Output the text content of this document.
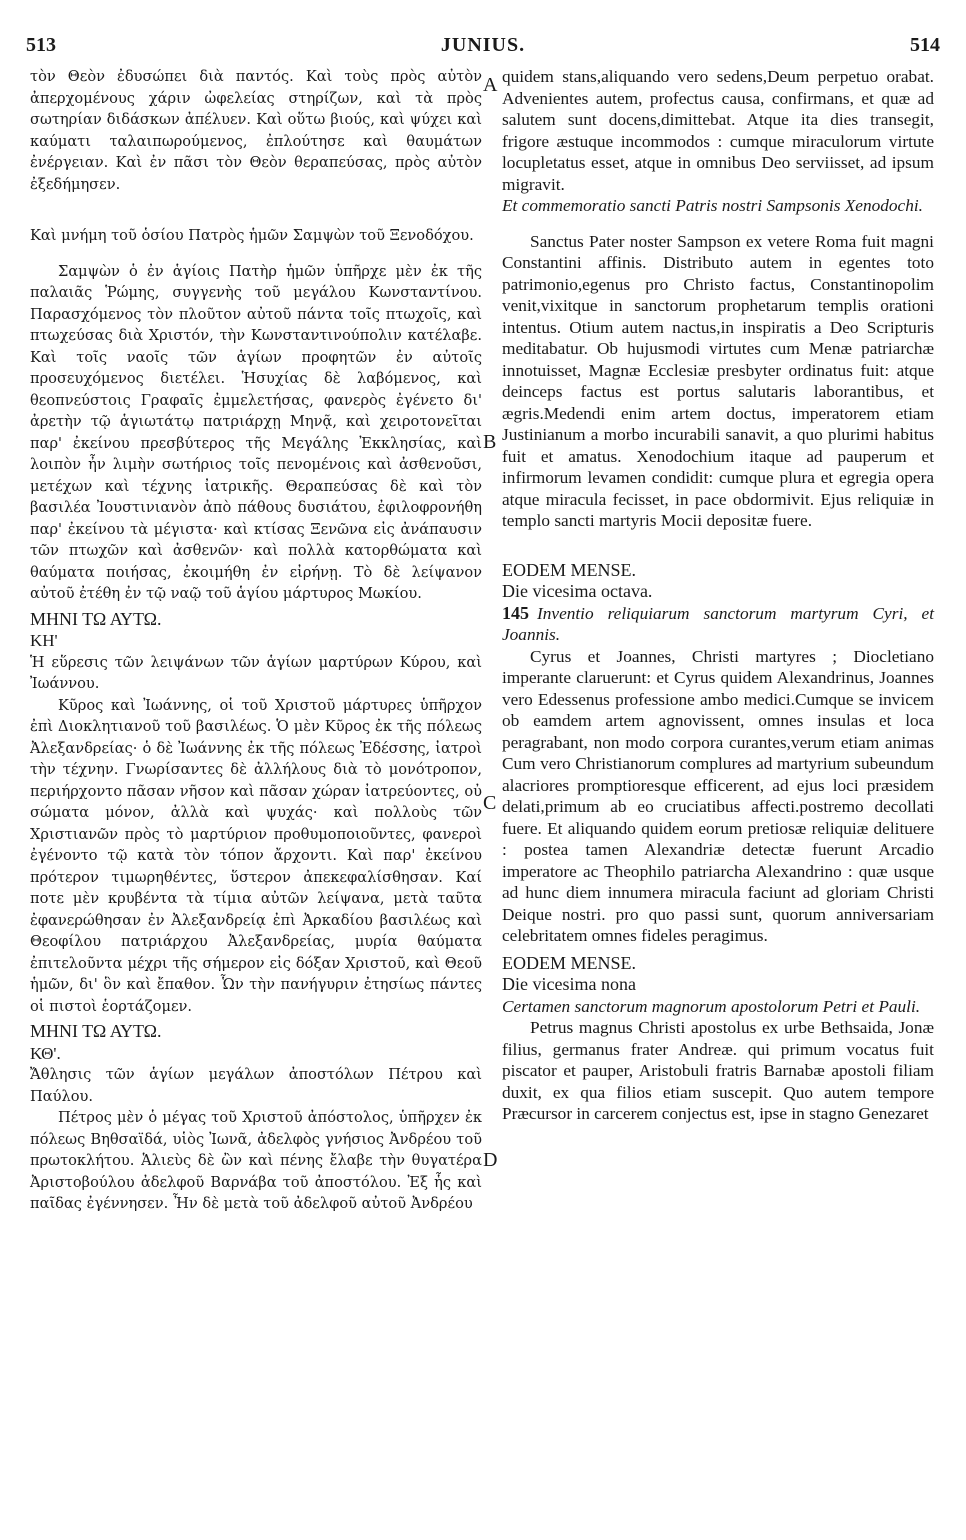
513	JUNIUS.	514
A
B
C
D

τὸν Θεὸν ἐδυσώπει διὰ παντός. Καὶ τοὺς πρὸς αὐτὸν ἀπερχομένους χάριν ὠφελείας στηρίζων, καὶ τὰ πρὸς σωτηρίαν διδάσκων ἀπέλυεν. Καὶ οὕτω βιούς, καὶ ψύχει καὶ καύματι ταλαιπωρούμενος, ἐπλούτησε καὶ θαυμάτων ἐνέργειαν. Καὶ ἐν πᾶσι τὸν Θεὸν θεραπεύσας, πρὸς αὐτὸν ἐξεδήμησεν.

Καὶ μνήμη τοῦ ὁσίου Πατρὸς ἡμῶν Σαμψὼν τοῦ Ξενοδόχου.

Σαμψὼν ὁ ἐν ἁγίοις Πατὴρ ἡμῶν ὑπῆρχε μὲν ἐκ τῆς παλαιᾶς Ῥώμης, συγγενὴς τοῦ μεγάλου Κωνσταντίνου. Παρασχόμενος τὸν πλοῦτον αὐτοῦ πάντα τοῖς πτωχοῖς, καὶ πτωχεύσας διὰ Χριστόν, τὴν Κωνσταντινούπολιν κατέλαβε. Καὶ τοῖς ναοῖς τῶν ἁγίων προφητῶν ἐν αὐτοῖς προσευχόμενος διετέλει. Ἡσυχίας δὲ λαβόμενος, καὶ θεοπνεύστοις Γραφαῖς ἐμμελετήσας, φανερὸς ἐγένετο δι' ἀρετὴν τῷ ἁγιωτάτῳ πατριάρχῃ Μηνᾷ, καὶ χειροτονεῖται παρ' ἐκείνου πρεσβύτερος τῆς Μεγάλης Ἐκκλησίας, καὶ λοιπὸν ἦν λιμὴν σωτήριος τοῖς πενομένοις καὶ ἀσθενοῦσι, μετέχων καὶ τέχνης ἰατρικῆς. Θεραπεύσας δὲ καὶ τὸν βασιλέα Ἰουστινιανὸν ἀπὸ πάθους δυσιάτου, ἐφιλοφρονήθη παρ' ἐκείνου τὰ μέγιστα· καὶ κτίσας Ξενῶνα εἰς ἀνάπαυσιν τῶν πτωχῶν καὶ ἀσθενῶν· καὶ πολλὰ κατορθώματα καὶ θαύματα ποιήσας, ἐκοιμήθη ἐν εἰρήνῃ. Τὸ δὲ λείψανον αὐτοῦ ἐτέθη ἐν τῷ ναῷ τοῦ ἁγίου μάρτυρος Μωκίου.

ΜΗΝΙ ΤΩ ΑΥΤΩ.

ΚΗ'

Ἡ εὕρεσις τῶν λειψάνων τῶν ἁγίων μαρτύρων Κύρου, καὶ Ἰωάννου.

Κῦρος καὶ Ἰωάννης, οἱ τοῦ Χριστοῦ μάρτυρες ὑπῆρχον ἐπὶ Διοκλητιανοῦ τοῦ βασιλέως. Ὁ μὲν Κῦρος ἐκ τῆς πόλεως Ἀλεξανδρείας· ὁ δὲ Ἰωάννης ἐκ τῆς πόλεως Ἐδέσσης, ἰατροὶ τὴν τέχνην. Γνωρίσαντες δὲ ἀλλήλους διὰ τὸ μονότροπον, περιήρχοντο πᾶσαν νῆσον καὶ πᾶσαν χώραν ἰατρεύοντες, οὐ σώματα μόνον, ἀλλὰ καὶ ψυχάς· καὶ πολλοὺς τῶν Χριστιανῶν πρὸς τὸ μαρτύριον προθυμοποιοῦντες, φανεροὶ ἐγένοντο τῷ κατὰ τὸν τόπον ἄρχοντι. Καὶ παρ' ἐκείνου πρότερον τιμωρηθέντες, ὕστερον ἀπεκεφαλίσθησαν. Καί ποτε μὲν κρυβέντα τὰ τίμια αὐτῶν λείψανα, μετὰ ταῦτα ἐφανερώθησαν ἐν Ἀλεξανδρείᾳ ἐπὶ Ἀρκαδίου βασιλέως καὶ Θεοφίλου πατριάρχου Ἀλεξανδρείας, μυρία θαύματα ἐπιτελοῦντα μέχρι τῆς σήμερον εἰς δόξαν Χριστοῦ, καὶ Θεοῦ ἡμῶν, δι' ὃν καὶ ἔπαθον. Ὧν τὴν πανήγυριν ἐτησίως πάντες οἱ πιστοὶ ἑορτάζομεν.

ΜΗΝΙ ΤΩ ΑΥΤΩ.

ΚΘ'.

Ἄθλησις τῶν ἁγίων μεγάλων ἀποστόλων Πέτρου καὶ Παύλου.

Πέτρος μὲν ὁ μέγας τοῦ Χριστοῦ ἀπόστολος, ὑπῆρχεν ἐκ πόλεως Βηθσαϊδά, υἱὸς Ἰωνᾶ, ἀδελφὸς γνήσιος Ἀνδρέου τοῦ πρωτοκλήτου. Ἁλιεὺς δὲ ὢν καὶ πένης ἔλαβε τὴν θυγατέρα Ἀριστοβούλου ἀδελφοῦ Βαρνάβα τοῦ ἀποστόλου. Ἐξ ἧς καὶ παῖδας ἐγέννησεν. Ἦν δὲ μετὰ τοῦ ἀδελφοῦ αὐτοῦ Ἀνδρέου

quidem stans,aliquando vero sedens,Deum perpetuo orabat. Advenientes autem, profectus causa, confirmans, et quæ ad salutem sunt docens,dimittebat. Atque ita dies transegit, frigore æstuque incommodos : cumque miraculorum virtute locupletatus esset, atque in omnibus Deo serviisset, ad ipsum migravit.

Et commemoratio sancti Patris nostri Sampsonis Xenodochi.

Sanctus Pater noster Sampson ex vetere Roma fuit magni Constantini affinis. Distributo autem in egentes toto patrimonio,egenus pro Christo factus, Constantinopolim venit,vixitque in sanctorum prophetarum templis orationi intentus. Otium autem nactus,in inspiratis a Deo Scripturis meditabatur. Ob hujusmodi virtutes cum Menæ patriarchæ innotuisset, Magnæ Ecclesiæ presbyter ordinatus fuit: atque deinceps factus est portus salutaris laborantibus, et ægris.Medendi enim artem doctus, imperatorem etiam Justinianum a morbo incurabili sanavit, a quo plurimi habitus fuit et amatus. Xenodochium itaque ad pauperum et infirmorum levamen condidit: cumque plura et egregia opera atque miracula fecisset, in pace obdormivit. Ejus reliquiæ in templo sancti martyris Mocii depositæ fuere.

EODEM MENSE.

Die vicesima octava.

145 Inventio reliquiarum sanctorum martyrum Cyri, et Joannis.

Cyrus et Joannes, Christi martyres ; Diocletiano imperante claruerunt: et Cyrus quidem Alexandrinus, Joannes vero Edessenus professione ambo medici.Cumque se invicem ob eamdem artem agnovissent, omnes insulas et loca peragrabant, non modo corpora curantes,verum etiam animas Cum vero Christianorum complures ad martyrium subeundum alacriores promptioresque efficerent, ad ejus loci præsidem delati,primum ab eo cruciatibus affecti.postremo decollati fuere. Et aliquando quidem eorum pretiosæ reliquiæ delituere : postea tamen Alexandriæ detectæ fuerunt Arcadio imperatore ac Theophilo patriarcha Alexandrino : quæ usque ad hunc diem innumera miracula faciunt ad gloriam Christi Deique nostri. pro quo passi sunt, quorum anniversariam celebritatem omnes fideles peragimus.

EODEM MENSE.

Die vicesima nona

Certamen sanctorum magnorum apostolorum Petri et Pauli.

Petrus magnus Christi apostolus ex urbe Bethsaida, Jonæ filius, germanus frater Andreæ. qui primum vocatus fuit piscator et pauper, Aristobuli fratris Barnabæ apostoli filiam duxit, ex qua filios etiam suscepit. Quo autem tempore Præcursor in carcerem conjectus est, ipse in stagno Genezaret
